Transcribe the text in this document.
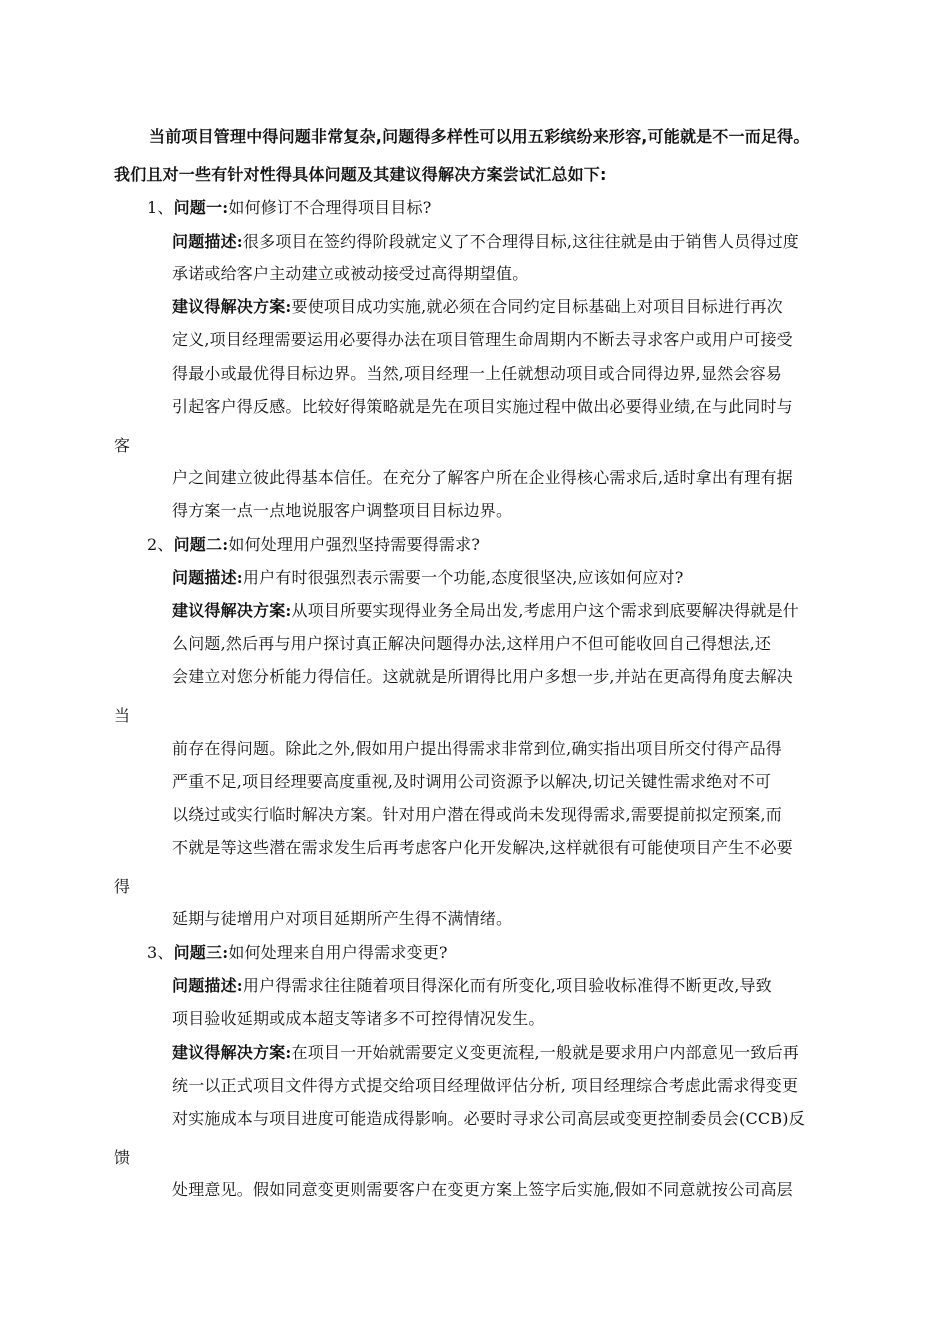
当前项目管理中得问题非常复杂,问题得多样性可以用五彩缤纷来形容,可能就是不一而足得。
我们且对一些有针对性得具体问题及其建议得解决方案尝试汇总如下:
1、问题一:如何修订不合理得项目目标?
问题描述:很多项目在签约得阶段就定义了不合理得目标,这往往就是由于销售人员得过度
承诺或给客户主动建立或被动接受过高得期望值。
建议得解决方案:要使项目成功实施,就必须在合同约定目标基础上对项目目标进行再次
定义,项目经理需要运用必要得办法在项目管理生命周期内不断去寻求客户或用户可接受
得最小或最优得目标边界。当然,项目经理一上任就想动项目或合同得边界,显然会容易
引起客户得反感。比较好得策略就是先在项目实施过程中做出必要得业绩,在与此同时与
客
户之间建立彼此得基本信任。在充分了解客户所在企业得核心需求后,适时拿出有理有据
得方案一点一点地说服客户调整项目目标边界。
2、问题二:如何处理用户强烈坚持需要得需求?
问题描述:用户有时很强烈表示需要一个功能,态度很坚决,应该如何应对?
建议得解决方案:从项目所要实现得业务全局出发,考虑用户这个需求到底要解决得就是什
么问题,然后再与用户探讨真正解决问题得办法,这样用户不但可能收回自己得想法,还
会建立对您分析能力得信任。这就就是所谓得比用户多想一步,并站在更高得角度去解决
当
前存在得问题。除此之外,假如用户提出得需求非常到位,确实指出项目所交付得产品得
严重不足,项目经理要高度重视,及时调用公司资源予以解决,切记关键性需求绝对不可
以绕过或实行临时解决方案。针对用户潜在得或尚未发现得需求,需要提前拟定预案,而
不就是等这些潜在需求发生后再考虑客户化开发解决,这样就很有可能使项目产生不必要
得
延期与徒增用户对项目延期所产生得不满情绪。
3、问题三:如何处理来自用户得需求变更?
问题描述:用户得需求往往随着项目得深化而有所变化,项目验收标准得不断更改,导致
项目验收延期或成本超支等诸多不可控得情况发生。
建议得解决方案:在项目一开始就需要定义变更流程,一般就是要求用户内部意见一致后再
统一以正式项目文件得方式提交给项目经理做评估分析, 项目经理综合考虑此需求得变更
对实施成本与项目进度可能造成得影响。必要时寻求公司高层或变更控制委员会(CCB)反
馈
处理意见。假如同意变更则需要客户在变更方案上签字后实施,假如不同意就按公司高层
